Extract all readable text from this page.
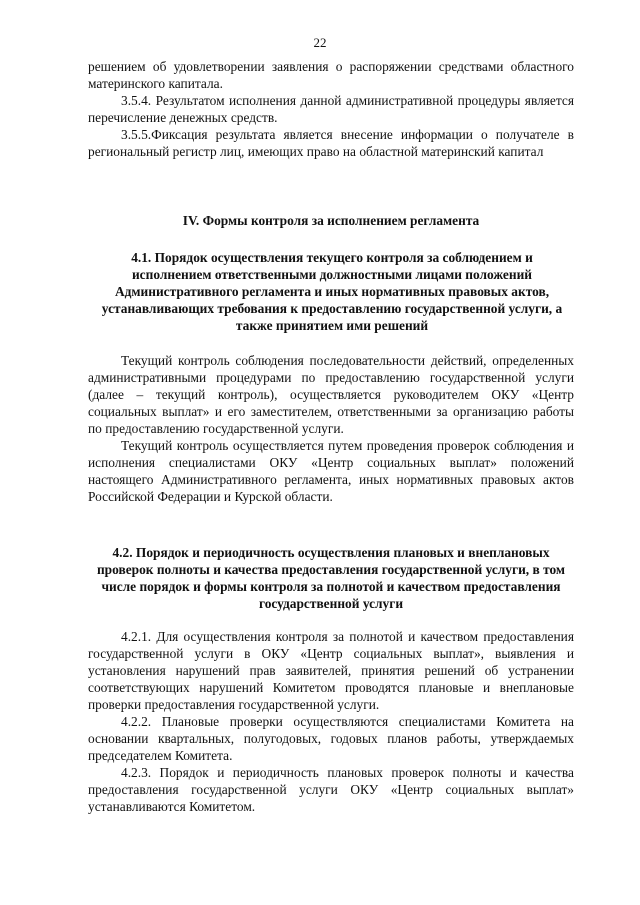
22

решением об удовлетворении заявления о распоряжении средствами областного материнского капитала.

3.5.4. Результатом исполнения данной административной процедуры является перечисление денежных средств.

3.5.5.Фиксация результата является внесение информации о получателе в региональный регистр лиц, имеющих право на областной материнский капитал

IV. Формы контроля за исполнением регламента

4.1. Порядок осуществления текущего контроля за соблюдением и исполнением ответственными должностными лицами положений Административного регламента и иных нормативных правовых актов, устанавливающих требования к предоставлению государственной услуги, а также принятием ими решений

Текущий контроль соблюдения последовательности действий, определенных административными процедурами по предоставлению государственной услуги (далее – текущий контроль), осуществляется руководителем ОКУ «Центр социальных выплат» и его заместителем, ответственными за организацию работы по предоставлению государственной услуги.

Текущий контроль осуществляется путем проведения проверок соблюдения и исполнения специалистами ОКУ «Центр социальных выплат» положений настоящего Административного регламента, иных нормативных правовых актов Российской Федерации и Курской области.

4.2. Порядок и периодичность осуществления плановых и внеплановых проверок полноты и качества предоставления государственной услуги, в том числе порядок и формы контроля за полнотой и качеством предоставления государственной услуги

4.2.1. Для осуществления контроля за полнотой и качеством предоставления государственной услуги в ОКУ «Центр социальных выплат», выявления и установления нарушений прав заявителей, принятия решений об устранении соответствующих нарушений Комитетом проводятся плановые и внеплановые проверки предоставления государственной услуги.

4.2.2. Плановые проверки осуществляются специалистами Комитета на основании квартальных, полугодовых, годовых планов работы, утверждаемых председателем Комитета.

4.2.3. Порядок и периодичность плановых проверок полноты и качества предоставления государственной услуги ОКУ «Центр социальных выплат» устанавливаются Комитетом.
